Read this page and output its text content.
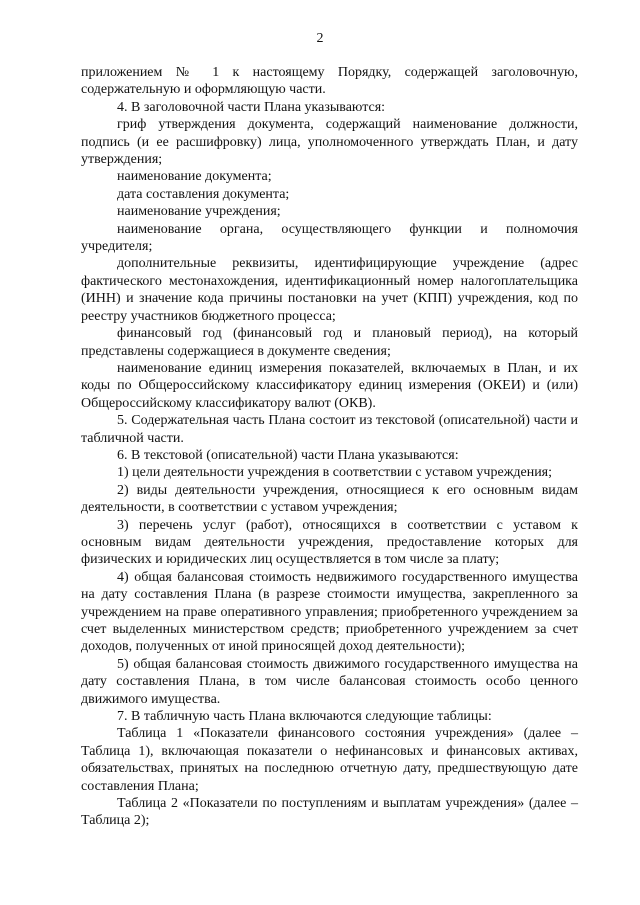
2

приложением № 1 к настоящему Порядку, содержащей заголовочную, содержательную и оформляющую части.

4. В заголовочной части Плана указываются:

гриф утверждения документа, содержащий наименование должности, подпись (и ее расшифровку) лица, уполномоченного утверждать План, и дату утверждения;

наименование документа;

дата составления документа;

наименование учреждения;

наименование органа, осуществляющего функции и полномочия учредителя;

дополнительные реквизиты, идентифицирующие учреждение (адрес фактического местонахождения, идентификационный номер налогоплательщика (ИНН) и значение кода причины постановки на учет (КПП) учреждения, код по реестру участников бюджетного процесса;

финансовый год (финансовый год и плановый период), на который представлены содержащиеся в документе сведения;

наименование единиц измерения показателей, включаемых в План, и их коды по Общероссийскому классификатору единиц измерения (ОКЕИ) и (или) Общероссийскому классификатору валют (ОКВ).

5. Содержательная часть Плана состоит из текстовой (описательной) части и табличной части.

6. В текстовой (описательной) части Плана указываются:

1) цели деятельности учреждения в соответствии с уставом учреждения;

2) виды деятельности учреждения, относящиеся к его основным видам деятельности, в соответствии с уставом учреждения;

3) перечень услуг (работ), относящихся в соответствии с уставом к основным видам деятельности учреждения, предоставление которых для физических и юридических лиц осуществляется в том числе за плату;

4) общая балансовая стоимость недвижимого государственного имущества на дату составления Плана (в разрезе стоимости имущества, закрепленного за учреждением на праве оперативного управления; приобретенного учреждением за счет выделенных министерством средств; приобретенного учреждением за счет доходов, полученных от иной приносящей доход деятельности);

5) общая балансовая стоимость движимого государственного имущества на дату составления Плана, в том числе балансовая стоимость особо ценного движимого имущества.

7. В табличную часть Плана включаются следующие таблицы:

Таблица 1 «Показатели финансового состояния учреждения» (далее – Таблица 1), включающая показатели о нефинансовых и финансовых активах, обязательствах, принятых на последнюю отчетную дату, предшествующую дате составления Плана;

Таблица 2 «Показатели по поступлениям и выплатам учреждения» (далее – Таблица 2);
